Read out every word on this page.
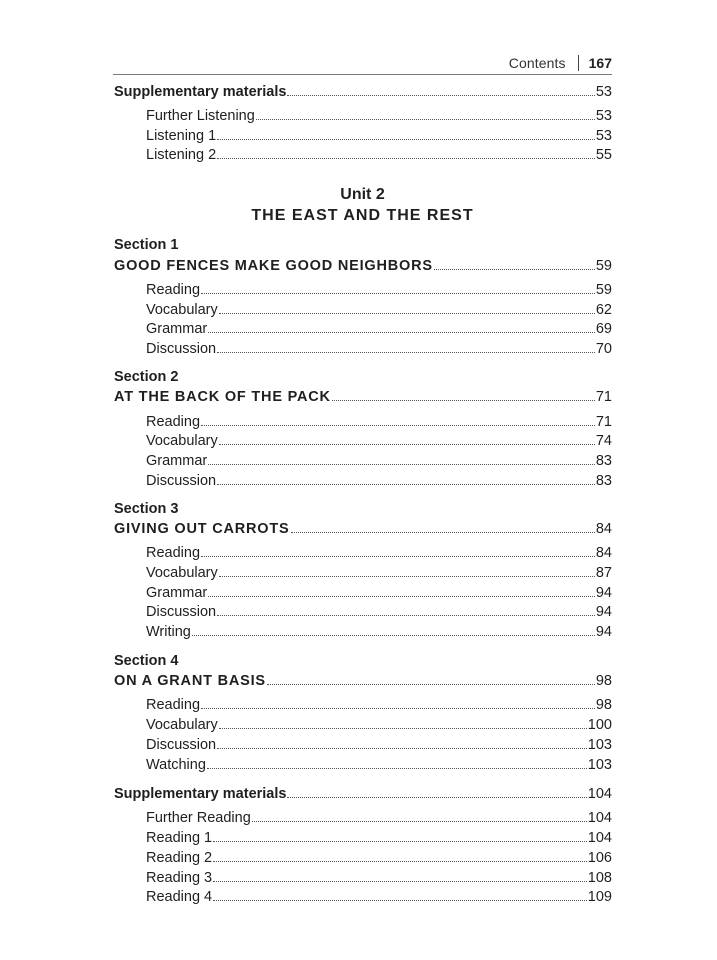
Contents 167
Supplementary materials	53
Further Listening	53
Listening 1	53
Listening 2	55
Unit 2
THE EAST AND THE REST
Section 1
GOOD FENCES MAKE GOOD NEIGHBORS	59
Reading	59
Vocabulary	62
Grammar	69
Discussion	70
Section 2
AT THE BACK OF THE PACK	71
Reading	71
Vocabulary	74
Grammar	83
Discussion	83
Section 3
GIVING OUT CARROTS	84
Reading	84
Vocabulary	87
Grammar	94
Discussion	94
Writing	94
Section 4
ON A GRANT BASIS	98
Reading	98
Vocabulary	100
Discussion	103
Watching	103
Supplementary materials	104
Further Reading	104
Reading 1	104
Reading 2	106
Reading 3	108
Reading 4	109
